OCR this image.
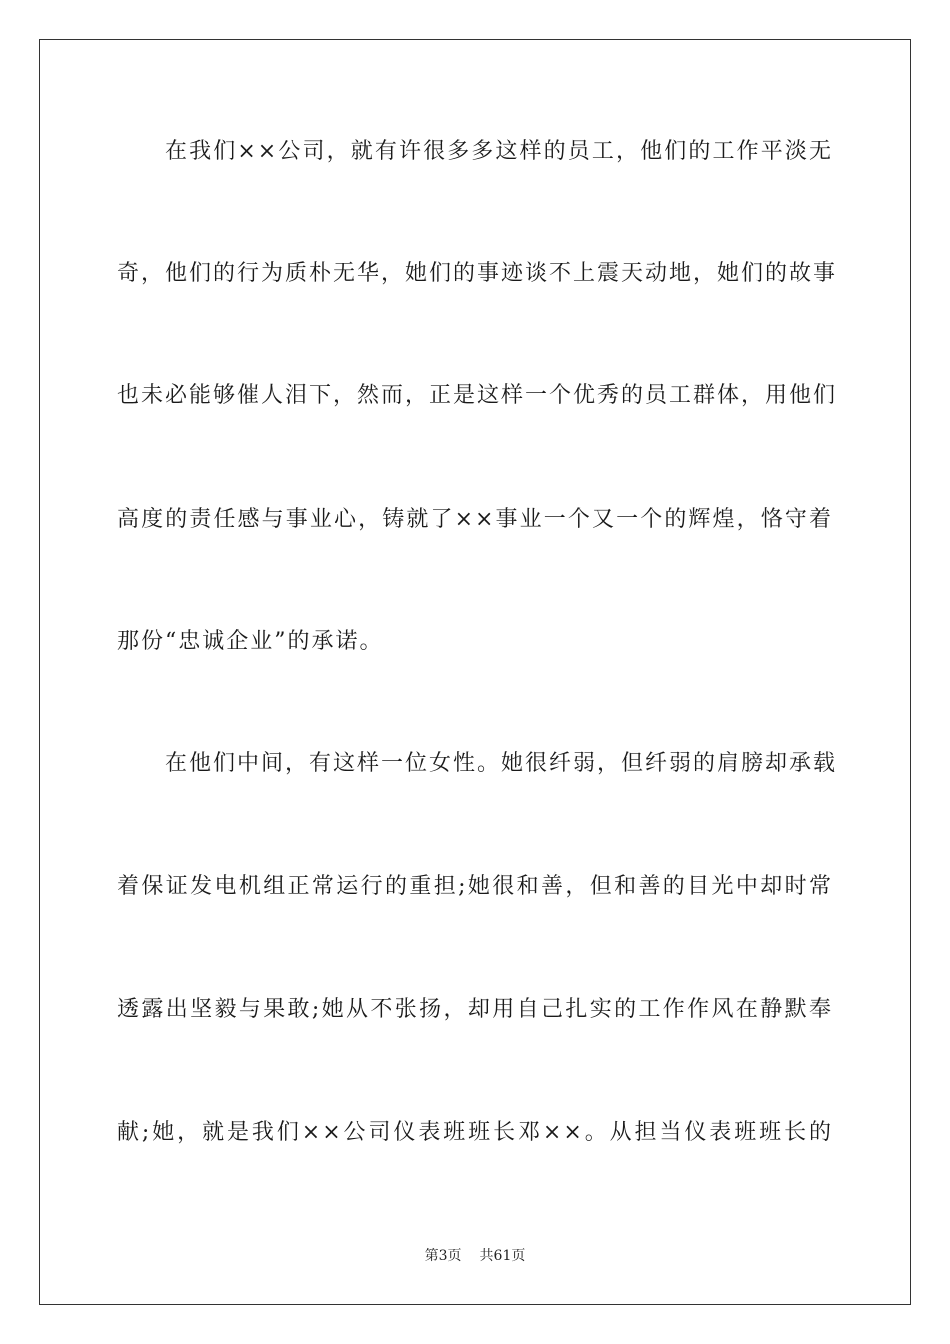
在我们××公司，就有许很多多这样的员工，他们的工作平淡无
奇，他们的行为质朴无华，她们的事迹谈不上震天动地，她们的故事
也未必能够催人泪下，然而，正是这样一个优秀的员工群体，用他们
高度的责任感与事业心，铸就了××事业一个又一个的辉煌，恪守着
那份“忠诚企业”的承诺。
在他们中间，有这样一位女性。她很纤弱，但纤弱的肩膀却承载
着保证发电机组正常运行的重担;她很和善，但和善的目光中却时常
透露出坚毅与果敢;她从不张扬，却用自己扎实的工作作风在静默奉
献;她，就是我们××公司仪表班班长邓××。从担当仪表班班长的
第3页 共61页
